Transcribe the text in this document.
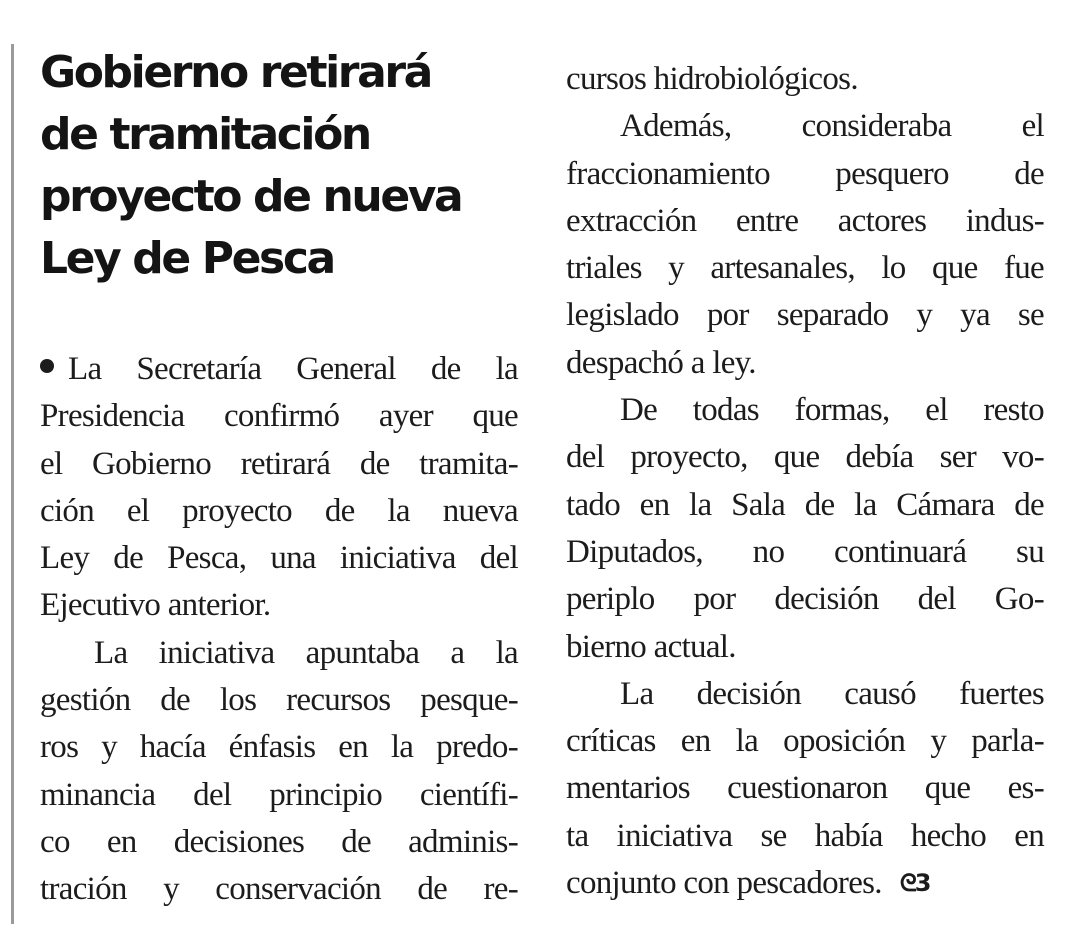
Gobierno retirará
de tramitación
proyecto de nueva
Ley de Pesca
La Secretaría General de la
Presidencia confirmó ayer que
el Gobierno retirará de tramita-
ción el proyecto de la nueva
Ley de Pesca, una iniciativa del
Ejecutivo anterior.
La iniciativa apuntaba a la
gestión de los recursos pesque-
ros y hacía énfasis en la predo-
minancia del principio científi-
co en decisiones de adminis-
tración y conservación de re-
cursos hidrobiológicos.
Además, consideraba el
fraccionamiento pesquero de
extracción entre actores indus-
triales y artesanales, lo que fue
legislado por separado y ya se
despachó a ley.
De todas formas, el resto
del proyecto, que debía ser vo-
tado en la Sala de la Cámara de
Diputados, no continuará su
periplo por decisión del Go-
bierno actual.
La decisión causó fuertes
críticas en la oposición y parla-
mentarios cuestionaron que es-
ta iniciativa se había hecho en
conjunto con pescadores. ᘓ3
